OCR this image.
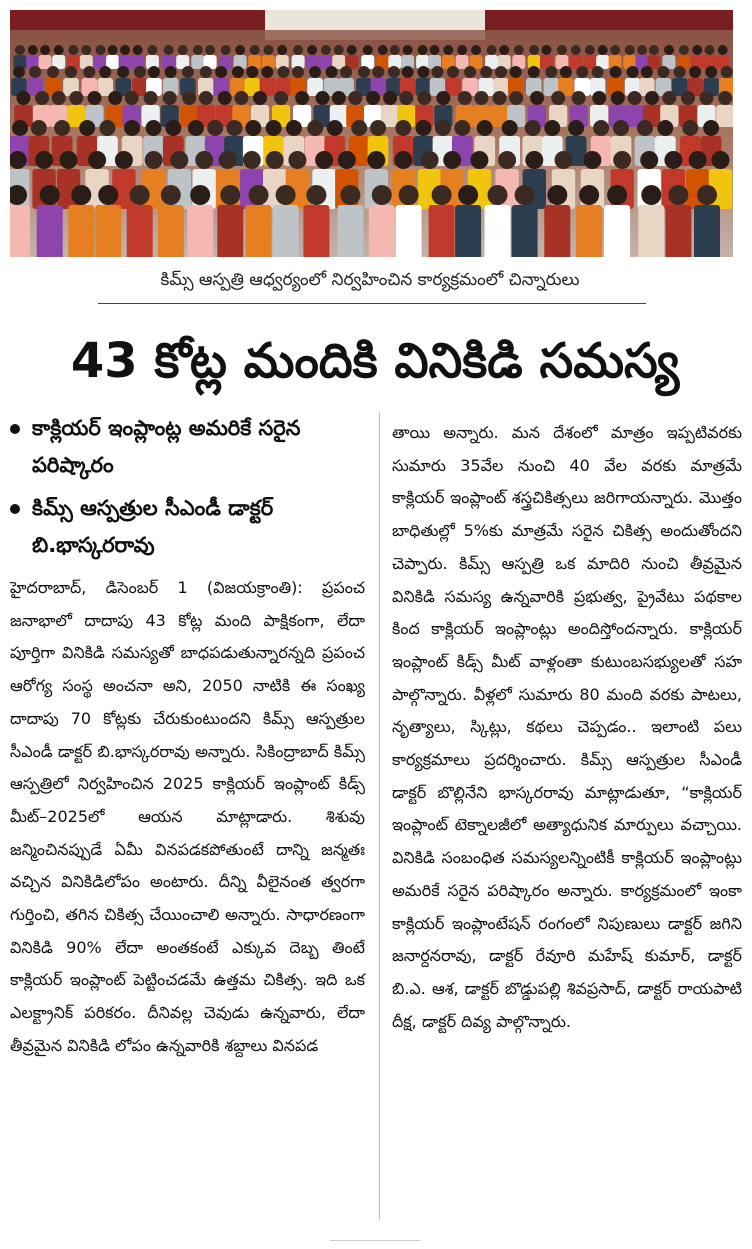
కిమ్స్ ఆస్పత్రి ఆధ్వర్యంలో నిర్వహించిన కార్యక్రమంలో చిన్నారులు
43 కోట్ల మందికి వినికిడి సమస్య
కాక్లియర్ ఇంప్లాంట్ల అమరికే సరైన పరిష్కారం
కిమ్స్ ఆస్పత్రుల సీఎండీ డాక్టర్ బి.భాస్కరరావు
హైదరాబాద్, డిసెంబర్ 1 (విజయక్రాంతి): ప్రపంచ జనాభాలో దాదాపు 43 కోట్ల మంది పాక్షికంగా, లేదా పూర్తిగా వినికిడి సమస్యతో బాధపడుతున్నారన్నది ప్రపంచ ఆరోగ్య సంస్థ అంచనా అని, 2050 నాటికి ఈ సంఖ్య దాదాపు 70 కోట్లకు చేరుకుంటుందని కిమ్స్ ఆస్పత్రుల సీఎండీ డాక్టర్ బి.భాస్కరరావు అన్నారు. సికింద్రాబాద్ కిమ్స్ ఆస్పత్రిలో నిర్వహించిన 2025 కాక్లియర్ ఇంప్లాంట్ కిడ్స్ మీట్–2025లో ఆయన మాట్లాడారు. శిశువు జన్మించినప్పుడే ఏమీ వినపడకపోతుంటే దాన్ని జన్మతః వచ్చిన వినికిడిలోపం అంటారు. దీన్ని వీలైనంత త్వరగా గుర్తించి, తగిన చికిత్స చేయించాలి అన్నారు. సాధారణంగా వినికిడి 90% లేదా అంతకంటే ఎక్కువ దెబ్బ తింటే కాక్లియర్ ఇంప్లాంట్ పెట్టించడమే ఉత్తమ చికిత్స. ఇది ఒక ఎలక్ట్రానిక్ పరికరం. దీనివల్ల చెవుడు ఉన్నవారు, లేదా తీవ్రమైన వినికిడి లోపం ఉన్నవారికి శబ్దాలు వినపడ
తాయి అన్నారు. మన దేశంలో మాత్రం ఇప్పటివరకు సుమారు 35వేల నుంచి 40 వేల వరకు మాత్రమే కాక్లియర్ ఇంప్లాంట్ శస్త్రచికిత్సలు జరిగాయన్నారు. మొత్తం బాధితుల్లో 5%కు మాత్రమే సరైన చికిత్స అందుతోందని చెప్పారు. కిమ్స్ ఆస్పత్రి ఒక మాదిరి నుంచి తీవ్రమైన వినికిడి సమస్య ఉన్నవారికి ప్రభుత్వ, ప్రైవేటు పథకాల కింద కాక్లియర్ ఇంప్లాంట్లు అందిస్తోందన్నారు. కాక్లియర్ ఇంప్లాంట్ కిడ్స్ మీట్ వాళ్లంతా కుటుంబసభ్యులతో సహ పాల్గొన్నారు. వీళ్లలో సుమారు 80 మంది వరకు పాటలు, నృత్యాలు, స్కిట్లు, కథలు చెప్పడం.. ఇలాంటి పలు కార్యక్రమాలు ప్రదర్శించారు. కిమ్స్ ఆస్పత్రుల సీఎండీ డాక్టర్ బొల్లినేని భాస్కరరావు మాట్లాడుతూ, “కాక్లియర్ ఇంప్లాంట్ టెక్నాలజీలో అత్యాధునిక మార్పులు వచ్చాయి. వినికిడి సంబంధిత సమస్యలన్నింటికీ కాక్లియర్ ఇంప్లాంట్లు అమరికే సరైన పరిష్కారం అన్నారు. కార్యక్రమంలో ఇంకా కాక్లియర్ ఇంప్లాంటేషన్ రంగంలో నిపుణులు డాక్టర్ జగిని జనార్దనరావు, డాక్టర్ రేవూరి మహేష్ కుమార్, డాక్టర్ బి.ఎ. ఆశ, డాక్టర్ బొడ్డుపల్లి శివప్రసాద్, డాక్టర్ రాయపాటి దీక్ష, డాక్టర్ దివ్య పాల్గొన్నారు.
